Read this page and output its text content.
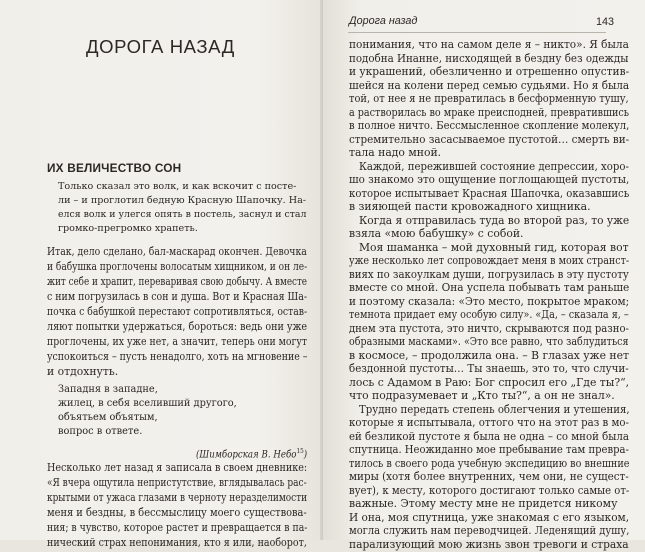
ДОРОГА НАЗАД
ИХ ВЕЛИЧЕСТВО СОН
Только сказал это волк, и как вскочит с посте-
ли – и проглотил бедную Красную Шапочку. На-
елся волк и улегся опять в постель, заснул и стал
громко-прегромко храпеть.
Итак, дело сделано, бал-маскарад окончен. Девочка
и бабушка проглочены волосатым хищником, и он ле-
жит себе и храпит, переваривая свою добычу. А вместе
с ним погрузилась в сон и душа. Вот и Красная Ша-
почка с бабушкой перестают сопротивляться, остав-
ляют попытки удержаться, бороться: ведь они уже
проглочены, их уже нет, а значит, теперь они могут
успокоиться – пусть ненадолго, хоть на мгновение –
и отдохнуть.
Западня в западне,
жилец, в себя вселивший другого,
объятьем объятым,
вопрос в ответе.
(Шимборская В. Небо$^{15}$)
Несколько лет назад я записала в своем дневнике:
«Я вчера ощутила непристутствие, вглядывалась рас-
крытыми от ужаса глазами в черноту неразделимости
меня и бездны, в бессмыслицу моего существова-
ния; в чувство, которое растет и превращается в па-
нический страх непонимания, кто я или, наоборот,
Дорога назад	143
понимания, что на самом деле я – никто». Я была
подобна Инанне, нисходящей в бездну без одежды
и украшений, обезличенно и отрешенно опустив-
шейся на колени перед семью судьями. Но я была
той, от нее я не превратилась в бесформенную тушу,
а растворилась во мраке преисподней, превратившись
в полное ничто. Бессмысленное скопление молекул,
стремительно засасываемое пустотой… смерть ви-
тала надо мной.
Каждой, пережившей состояние депрессии, хоро-
шо знакомо это ощущение поглощающей пустоты,
которое испытывает Красная Шапочка, оказавшись
в зияющей пасти кровожадного хищника.
Когда я отправилась туда во второй раз, то уже
взяла «мою бабушку» с собой.
Моя шаманка – мой духовный гид, которая вот
уже несколько лет сопровождает меня в моих странст-
виях по закоулкам души, погрузилась в эту пустоту
вместе со мной. Она успела побывать там раньше
и поэтому сказала: «Это место, покрытое мраком;
темнота придает ему особую силу». «Да, – сказала я, –
днем эта пустота, это ничто, скрываются под разно-
образными масками». «Это все равно, что заблудиться
в космосе, – продолжила она. – В глазах уже нет
бездонной пустоты… Ты знаешь, это то, что случи-
лось с Адамом в Раю: Бог спросил его „Где ты?“,
что подразумевает и „Кто ты?“, а он не знал».
Трудно передать степень облегчения и утешения,
которые я испытывала, оттого что на этот раз в мо-
ей безликой пустоте я была не одна – со мной была
спутница. Неожиданно мое пребывание там превра-
тилось в своего рода учебную экспедицию во внешние
миры (хотя более внутренних, чем они, не сущест-
вует), к месту, которого достигают только самые от-
важные. Этому месту мне не придется никому
И она, моя спутница, уже знакомая с его языком,
могла служить нам переводчицей. Леденящий душу,
парализующий мою жизнь звон тревоги и страха
